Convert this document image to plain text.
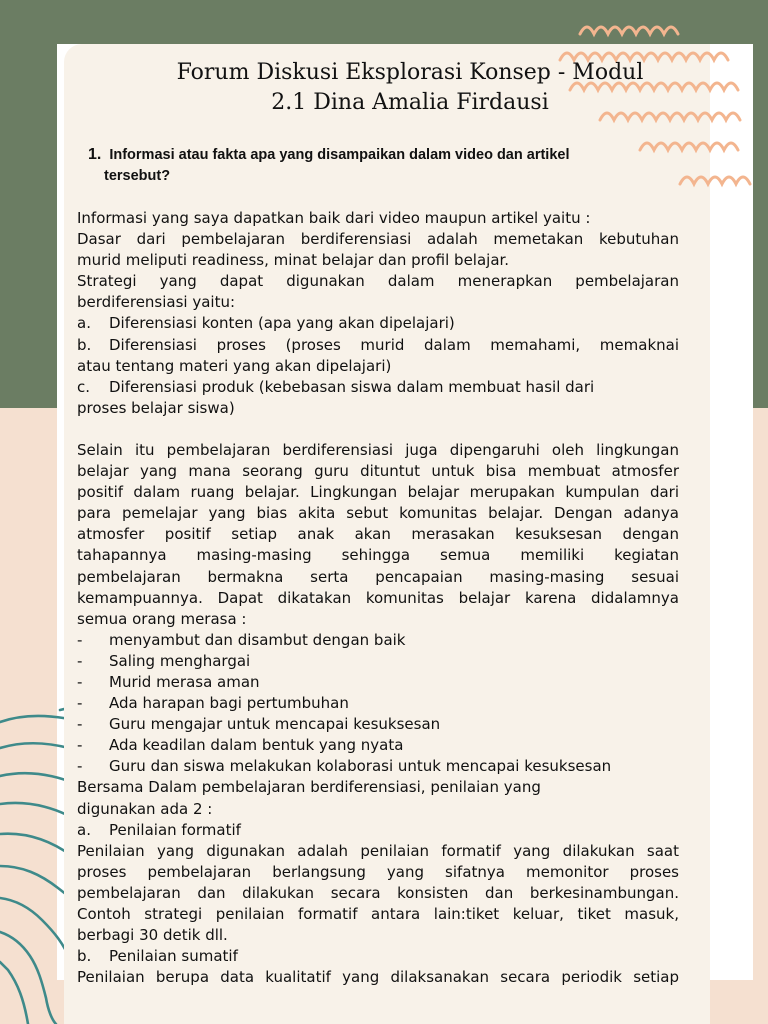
Forum Diskusi Eksplorasi Konsep - Modul
2.1 Dina Amalia Firdausi

1. Informasi atau fakta apa yang disampaikan dalam video dan artikel
tersebut?

Informasi yang saya dapatkan baik dari video maupun artikel yaitu :

Dasar dari pembelajaran berdiferensiasi adalah memetakan kebutuhan

murid meliputi readiness, minat belajar dan profil belajar.

Strategi yang dapat digunakan dalam menerapkan pembelajaran

berdiferensiasi yaitu:

a. Diferensiasi konten (apa yang akan dipelajari)

b. Diferensiasi proses (proses murid dalam memahami, memaknai

atau tentang materi yang akan dipelajari)

c. Diferensiasi produk (kebebasan siswa dalam membuat hasil dari

proses belajar siswa)

Selain itu pembelajaran berdiferensiasi juga dipengaruhi oleh lingkungan

belajar yang mana seorang guru dituntut untuk bisa membuat atmosfer

positif dalam ruang belajar. Lingkungan belajar merupakan kumpulan dari

para pemelajar yang bias akita sebut komunitas belajar. Dengan adanya

atmosfer positif setiap anak akan merasakan kesuksesan dengan

tahapannya masing-masing sehingga semua memiliki kegiatan

pembelajaran bermakna serta pencapaian masing-masing sesuai

kemampuannya. Dapat dikatakan komunitas belajar karena didalamnya

semua orang merasa :

- menyambut dan disambut dengan baik

- Saling menghargai

- Murid merasa aman

- Ada harapan bagi pertumbuhan

- Guru mengajar untuk mencapai kesuksesan

- Ada keadilan dalam bentuk yang nyata

- Guru dan siswa melakukan kolaborasi untuk mencapai kesuksesan

Bersama Dalam pembelajaran berdiferensiasi, penilaian yang

digunakan ada 2 :

a. Penilaian formatif

Penilaian yang digunakan adalah penilaian formatif yang dilakukan saat

proses pembelajaran berlangsung yang sifatnya memonitor proses

pembelajaran dan dilakukan secara konsisten dan berkesinambungan.

Contoh strategi penilaian formatif antara lain:tiket keluar, tiket masuk,

berbagi 30 detik dll.

b. Penilaian sumatif

Penilaian berupa data kualitatif yang dilaksanakan secara periodik setiap
